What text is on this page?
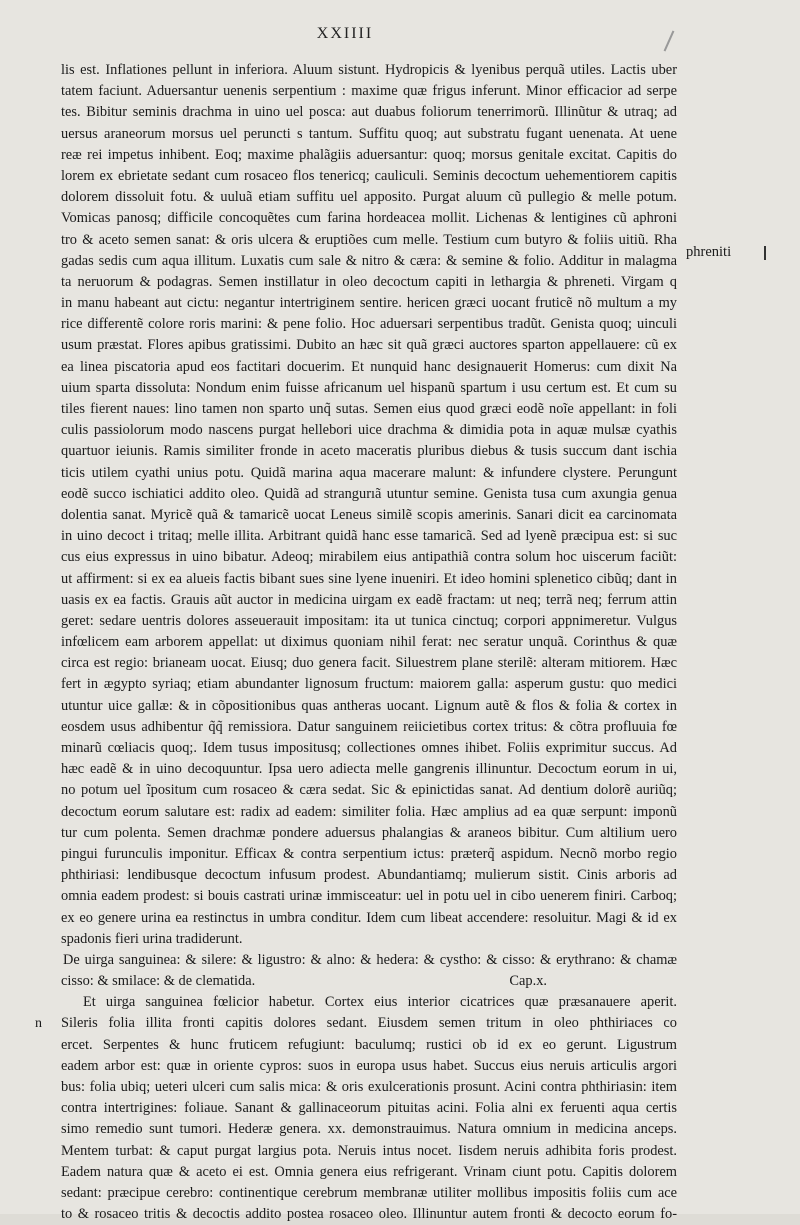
XXIIII
lis est. Inflationes pellunt in inferiora. Aluum sistunt. Hydropicis & lyenibus perquã utiles. Lactis uber
tatem faciunt. Aduersantur uenenis serpentium : maxime quæ frigus inferunt. Minor efficacior ad serpe
tes. Bibitur seminis drachma in uino uel posca: aut duabus foliorum tenerrimorũ. Illinũtur & utraq; ad
uersus araneorum morsus uel peruncti s tantum. Suffitu quoq; aut substratu fugant uenenata. At uene
reæ rei impetus inhibent. Eoq; maxime phalãgiis aduersantur: quoq; morsus genitale excitat. Capitis do
lorem ex ebrietate sedant cum rosaceo flos tenericq; cauliculi. Seminis decoctum uehementiorem capitis
dolorem dissoluit fotu. & uuluã etiam suffitu uel apposito. Purgat aluum cũ pullegio & melle potum.
Vomicas panosq; difficile concoquẽtes cum farina hordeacea mollit. Lichenas & lentigines cũ aphroni
tro & aceto semen sanat: & oris ulcera & eruptiões cum melle. Testium cum butyro & foliis uitiũ. Rha
gadas sedis cum aqua illitum. Luxatis cum sale & nitro & cæra: & semine & folio. Additur in malagma
ta neruorum & podagras. Semen instillatur in oleo decoctum capiti in lethargia & phreneti. Virgam q
in manu habeant aut cictu: negantur intertriginem sentire. hericen græci uocant fruticẽ nõ multum a my
rice differentẽ colore roris marini: & pene folio. Hoc aduersari serpentibus tradũt. Genista quoq; uinculi
usum præstat. Flores apibus gratissimi. Dubito an hæc sit quã græci auctores sparton appellauere: cũ ex
ea linea piscatoria apud eos factitari docuerim. Et nunquid hanc designauerit Homerus: cum dixit Na
uium sparta dissoluta: Nondum enim fuisse africanum uel hispanũ spartum i usu certum est. Et cum su
tiles fierent naues: lino tamen non sparto unq̃ sutas. Semen eius quod græci eodẽ noĩe appellant: in foli
culis passiolorum modo nascens purgat hellebori uice drachma & dimidia pota in aquæ mulsæ cyathis
quartuor ieiunis. Ramis similiter fronde in aceto maceratis pluribus diebus & tusis succum dant ischia
ticis utilem cyathi unius potu. Quidã marina aqua macerare malunt: & infundere clystere. Perungunt
eodẽ succo ischiatici addito oleo. Quidã ad strangurıã utuntur semine. Genista tusa cum axungia genua
dolentia sanat. Myricẽ quã & tamaricẽ uocat Leneus similẽ scopis amerinis. Sanari dicit ea carcinomata
in uino decoct i tritaq; melle illita. Arbitrant quidã hanc esse tamaricã. Sed ad lyenẽ præcipua est: si suc
cus eius expressus in uino bibatur. Adeoq; mirabilem eius antipathiã contra solum hoc uiscerum faciũt:
ut affirment: si ex ea alueis factis bibant sues sine lyene inueniri. Et ideo homini splenetico cibũq; dant in
uasis ex ea factis. Grauis aũt auctor in medicina uirgam ex eadẽ fractam: ut neq; terrã neq; ferrum attin
geret: sedare uentris dolores asseuerauit impositam: ita ut tunica cinctuq; corpori appnimeretur. Vulgus
infœlicem eam arborem appellat: ut diximus quoniam nihil ferat: nec seratur unquã. Corinthus & quæ
circa est regio: brianeam uocat. Eiusq; duo genera facit. Siluestrem plane sterilẽ: alteram mitiorem. Hæc
fert in ægypto syriaq; etiam abundanter lignosum fructum: maiorem galla: asperum gustu: quo medici
utuntur uice gallæ: & in cõpositionibus quas antheras uocant. Lignum autẽ & flos & folia & cortex in
eosdem usus adhibentur q̃q̃ remissiora. Datur sanguinem reiicietibus cortex tritus: & cõtra profluuia fœ
minarũ cœliacis quoq;. Idem tusus impositusq; collectiones omnes ihibet. Foliis exprimitur succus. Ad
hæc eadẽ & in uino decoquuntur. Ipsa uero adiecta melle gangrenis illinuntur. Decoctum eorum in ui,
no potum uel ĩpositum cum rosaceo & cæra sedat. Sic & epinictidas sanat. Ad dentium dolorẽ auriũq;
decoctum eorum salutare est: radix ad eadem: similiter folia. Hæc amplius ad ea quæ serpunt: imponũ
tur cum polenta. Semen drachmæ pondere aduersus phalangias & araneos bibitur. Cum altilium uero
pingui furunculis imponitur. Efficax & contra serpentium ictus: præterq̃ aspidum. Necnõ morbo regio
phthiriasi: lendibusque decoctum infusum prodest. Abundantiamq; mulierum sistit. Cinis arboris ad
omnia eadem prodest: si bouis castrati urinæ immisceatur: uel in potu uel in cibo uenerem finiri. Carboq;
ex eo genere urina ea restinctus in umbra conditur. Idem cum libeat accendere: resoluitur. Magi & id ex
spadonis fieri urina tradiderunt.
De uirga sanguinea: & silere: & ligustro: & alno: & hedera: & cystho: & cisso: & erythrano: & chamæ
cisso: & smilace: & de clematida.	Cap.x.
Et uirga sanguinea fœlicior habetur. Cortex eius interior cicatrices quæ præsanauere aperit.
Sileris folia illita fronti capitis dolores sedant. Eiusdem semen tritum in oleo phthiriaces co
n
ercet. Serpentes & hunc fruticem refugiunt: baculumq; rustici ob id ex eo gerunt. Ligustrum
eadem arbor est: quæ in oriente cypros: suos in europa usus habet. Succus eius neruis articulis argori
bus: folia ubiq; ueteri ulceri cum salis mica: & oris exulcerationis prosunt. Acini contra phthiriasin: item
contra intertrigines: foliaue. Sanant & gallinaceorum pituitas acini. Folia alni ex feruenti aqua certis
simo remedio sunt tumori. Hederæ genera. xx. demonstrauimus. Natura omnium in medicina anceps.
Mentem turbat: & caput purgat largius pota. Neruis intus nocet. Iisdem neruis adhibita foris prodest.
Eadem natura quæ & aceto ei est. Omnia genera eius refrigerant. Vrinam ciunt potu. Capitis dolorem
sedant: præcipue cerebro: continentique cerebrum membranæ utiliter mollibus impositis foliis cum ace
to & rosaceo tritis & decoctis addito postea rosaceo oleo. Illinuntur autem fronti & decocto eorum fo-
phreniti
